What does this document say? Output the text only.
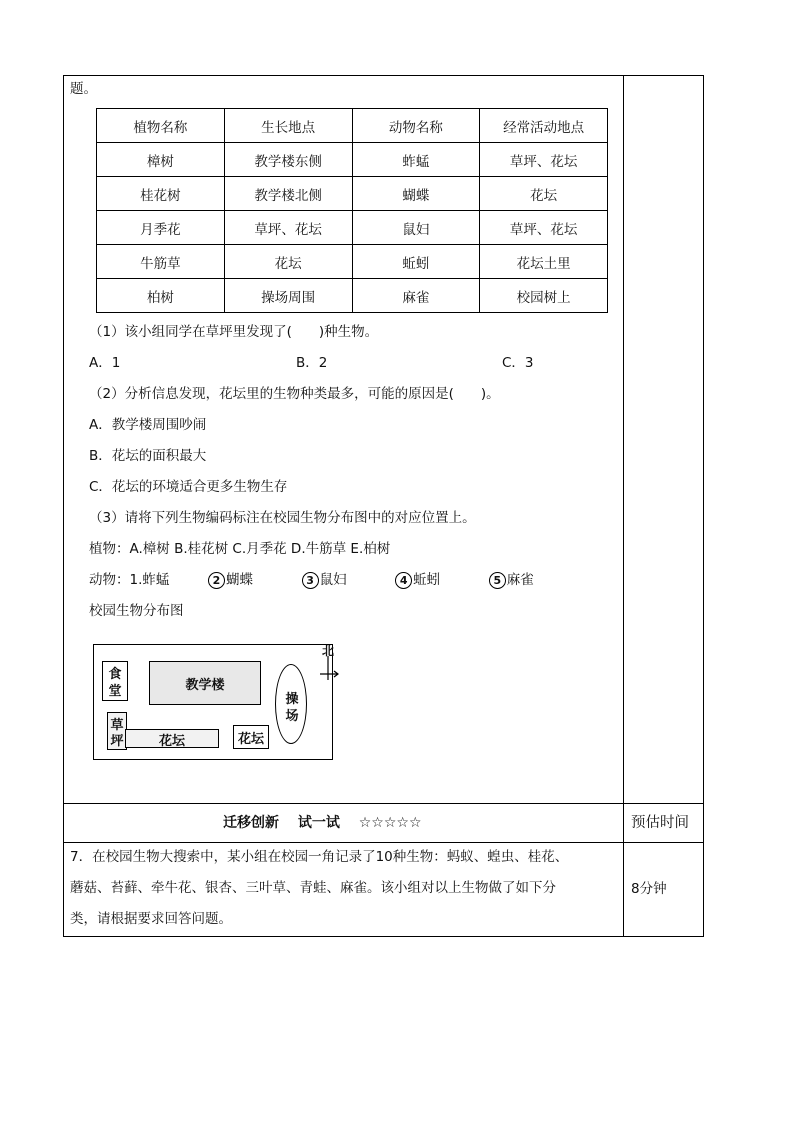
题。
植物名称	生长地点	动物名称	经常活动地点
樟树	教学楼东侧	蚱蜢	草坪、花坛
桂花树	教学楼北侧	蝴蝶	花坛
月季花	草坪、花坛	鼠妇	草坪、花坛
牛筋草	花坛	蚯蚓	花坛土里
柏树	操场周围	麻雀	校园树上
（1）该小组同学在草坪里发现了(　　)种生物。
A．1	B．2	C．3
（2）分析信息发现，花坛里的生物种类最多，可能的原因是(　　)。
A．教学楼周围吵闹
B．花坛的面积最大
C．花坛的环境适合更多生物生存
（3）请将下列生物编码标注在校园生物分布图中的对应位置上。
植物：A.樟树 B.桂花树 C.月季花 D.牛筋草 E.柏树
动物：1.蚱蜢	2 蝴蝶	3 鼠妇	4 蚯蚓	5 麻雀
校园生物分布图
食
堂	教学楼
操
场
草
坪	花坛	花坛
北
迁移创新　 试一试　 ☆☆☆☆☆	预估时间
7．在校园生物大搜索中，某小组在校园一角记录了10种生物：蚂蚁、蝗虫、桂花、
蘑菇、苔藓、牵牛花、银杏、三叶草、青蛙、麻雀。该小组对以上生物做了如下分
类，请根据要求回答问题。
8分钟
